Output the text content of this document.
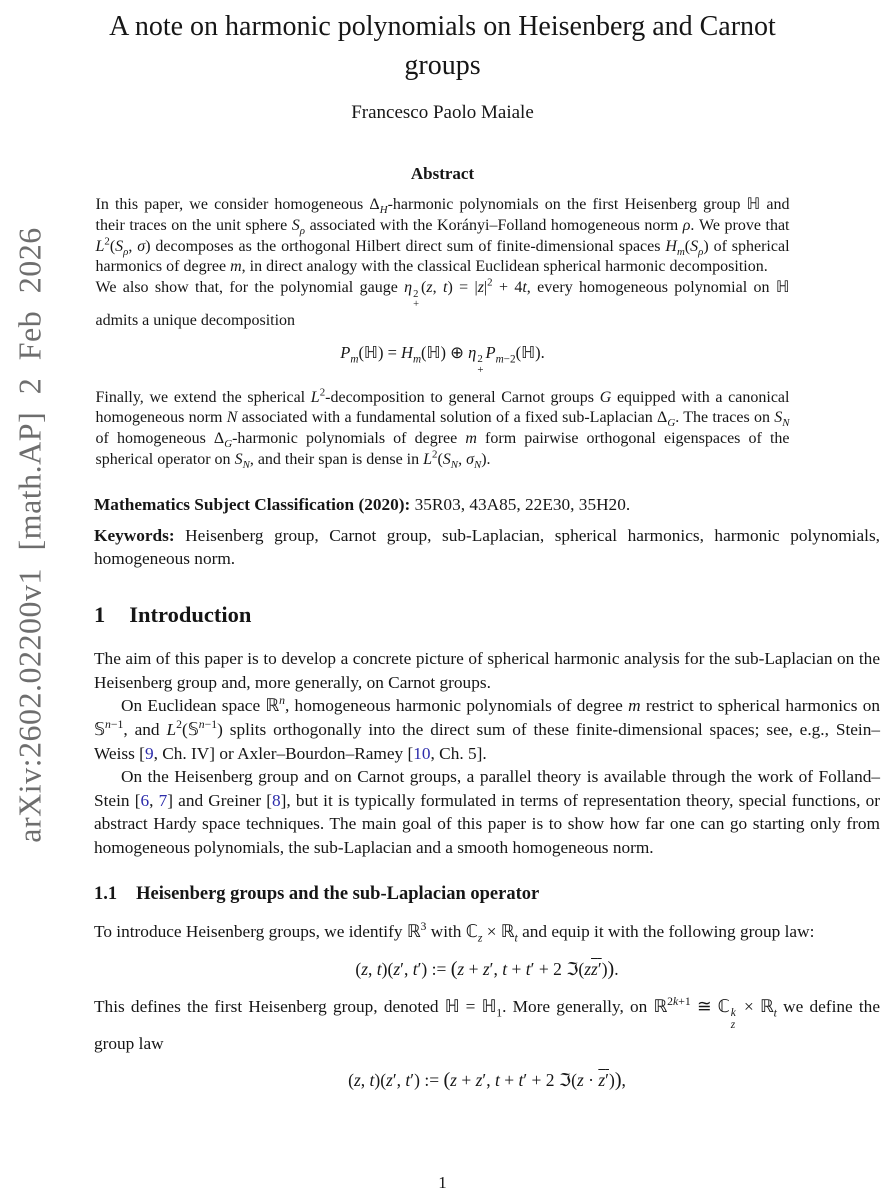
arXiv:2602.02200v1 [math.AP] 2 Feb 2026
A note on harmonic polynomials on Heisenberg and Carnot groups
Francesco Paolo Maiale
Abstract

In this paper, we consider homogeneous $\Delta_H$-harmonic polynomials on the first Heisenberg group ℍ and their traces on the unit sphere $S_\rho$ associated with the Korányi–Folland homogeneous norm ρ. We prove that $L^2(S_\rho$, σ) decomposes as the orthogonal Hilbert direct sum of finite-dimensional spaces $H_m(S_\rho)$ of spherical harmonics of degree m, in direct analogy with the classical Euclidean spherical harmonic decomposition.

We also show that, for the polynomial gauge η 2
+
(z, $t) = |z|^2 + 4t$, every homogeneous polynomial on ℍ admits a unique decomposition

$P_m(ℍ)$ = $H_m(ℍ)$ ⊕ η 2
+
$P_{m-2}(ℍ)$.

Finally, we extend the spherical $L^2$-decomposition to general Carnot groups G equipped with a canonical homogeneous norm N associated with a fundamental solution of a fixed sub-Laplacian $\Delta_G$. The traces on $S_N$ of homogeneous $\Delta_G$-harmonic polynomials of degree m form pairwise orthogonal eigenspaces of the spherical operator on $S_N$, and their span is dense in $L^2(S_N$, $\sigma_N$).

Mathematics Subject Classification (2020): 35R03, 43A85, 22E30, 35H20.
Keywords: Heisenberg group, Carnot group, sub-Laplacian, spherical harmonics, harmonic polynomials, homogeneous norm.
1 Introduction

The aim of this paper is to develop a concrete picture of spherical harmonic analysis for the sub-Laplacian on the Heisenberg group and, more generally, on Carnot groups.

On Euclidean space ℝ$^n$, homogeneous harmonic polynomials of degree m restrict to spherical harmonics on 𝕊$^{n-1}$, and $L^2(𝕊^{n-1})$ splits orthogonally into the direct sum of these finite-dimensional spaces; see, e.g., Stein–Weiss [9, Ch. IV] or Axler–Bourdon–Ramey [10, Ch. 5].

On the Heisenberg group and on Carnot groups, a parallel theory is available through the work of Folland–Stein [6, 7] and Greiner [8], but it is typically formulated in terms of representation theory, special functions, or abstract Hardy space techniques. The main goal of this paper is to show how far one can go starting only from homogeneous polynomials, the sub-Laplacian and a smooth homogeneous norm.

1.1 Heisenberg groups and the sub-Laplacian operator

To introduce Heisenberg groups, we identify ℝ$^3$ with ℂ$_z$ × ℝ$_t$ and equip it with the following group law:

(z, t)(z′, t′) := (z + z′, t + t′ + 2 ℑ(zz′)).

This defines the first Heisenberg group, denoted ℍ = ℍ$_1$. More generally, on ℝ$^{2k+1}$ ≅ ℂ k
z
× ℝ$_t$ we define the group law

(z, t)(z′, t′) := (z + z′, t + t′ + 2 ℑ(z · z′)),
1
